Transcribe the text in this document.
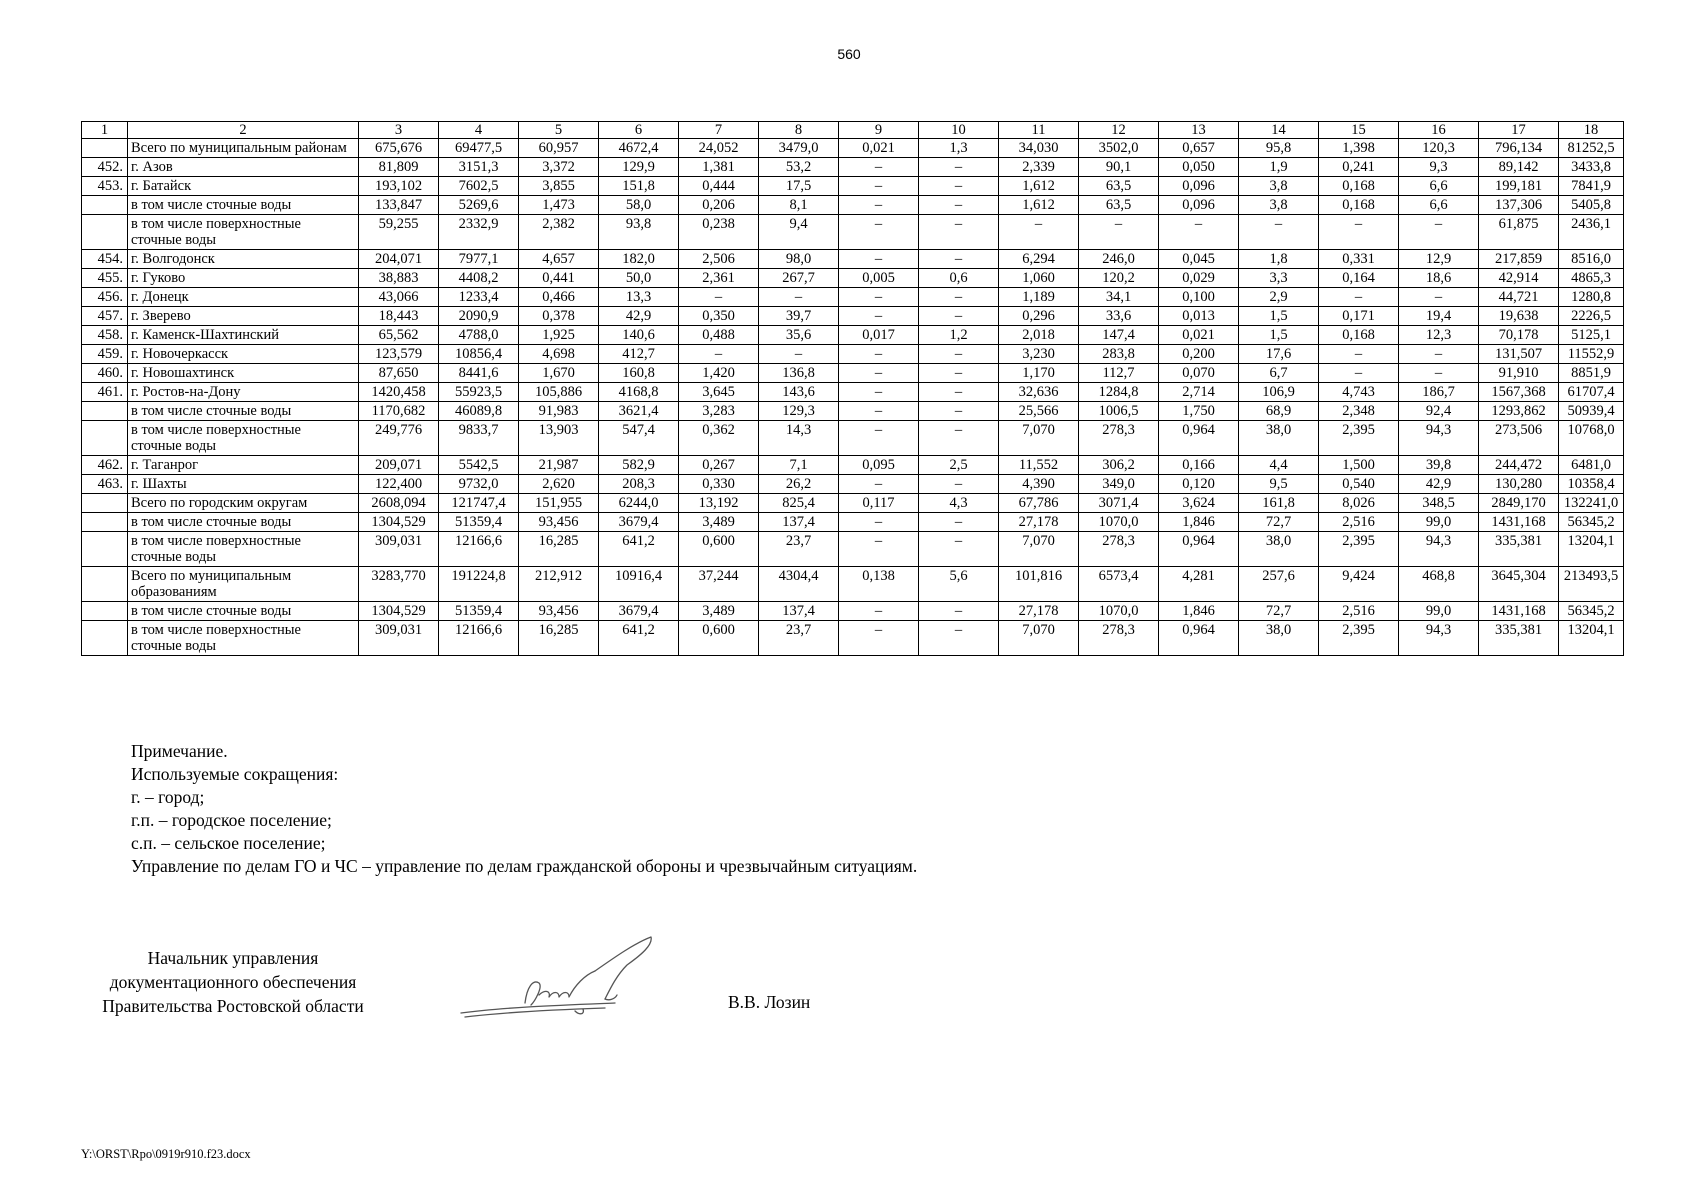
560
1	2	3	4	5	6	7	8	9	10	11	12	13	14	15	16	17	18
	Всего по муниципальным районам	675,676	69477,5	60,957	4672,4	24,052	3479,0	0,021	1,3	34,030	3502,0	0,657	95,8	1,398	120,3	796,134	81252,5
452.	г. Азов	81,809	3151,3	3,372	129,9	1,381	53,2	–	–	2,339	90,1	0,050	1,9	0,241	9,3	89,142	3433,8
453.	г. Батайск	193,102	7602,5	3,855	151,8	0,444	17,5	–	–	1,612	63,5	0,096	3,8	0,168	6,6	199,181	7841,9
	в том числе сточные воды	133,847	5269,6	1,473	58,0	0,206	8,1	–	–	1,612	63,5	0,096	3,8	0,168	6,6	137,306	5405,8
	в том числе поверхностные сточные воды	59,255	2332,9	2,382	93,8	0,238	9,4	–	–	–	–	–	–	–	–	61,875	2436,1
454.	г. Волгодонск	204,071	7977,1	4,657	182,0	2,506	98,0	–	–	6,294	246,0	0,045	1,8	0,331	12,9	217,859	8516,0
455.	г. Гуково	38,883	4408,2	0,441	50,0	2,361	267,7	0,005	0,6	1,060	120,2	0,029	3,3	0,164	18,6	42,914	4865,3
456.	г. Донецк	43,066	1233,4	0,466	13,3	–	–	–	–	1,189	34,1	0,100	2,9	–	–	44,721	1280,8
457.	г. Зверево	18,443	2090,9	0,378	42,9	0,350	39,7	–	–	0,296	33,6	0,013	1,5	0,171	19,4	19,638	2226,5
458.	г. Каменск-Шахтинский	65,562	4788,0	1,925	140,6	0,488	35,6	0,017	1,2	2,018	147,4	0,021	1,5	0,168	12,3	70,178	5125,1
459.	г. Новочеркасск	123,579	10856,4	4,698	412,7	–	–	–	–	3,230	283,8	0,200	17,6	–	–	131,507	11552,9
460.	г. Новошахтинск	87,650	8441,6	1,670	160,8	1,420	136,8	–	–	1,170	112,7	0,070	6,7	–	–	91,910	8851,9
461.	г. Ростов-на-Дону	1420,458	55923,5	105,886	4168,8	3,645	143,6	–	–	32,636	1284,8	2,714	106,9	4,743	186,7	1567,368	61707,4
	в том числе сточные воды	1170,682	46089,8	91,983	3621,4	3,283	129,3	–	–	25,566	1006,5	1,750	68,9	2,348	92,4	1293,862	50939,4
	в том числе поверхностные сточные воды	249,776	9833,7	13,903	547,4	0,362	14,3	–	–	7,070	278,3	0,964	38,0	2,395	94,3	273,506	10768,0
462.	г. Таганрог	209,071	5542,5	21,987	582,9	0,267	7,1	0,095	2,5	11,552	306,2	0,166	4,4	1,500	39,8	244,472	6481,0
463.	г. Шахты	122,400	9732,0	2,620	208,3	0,330	26,2	–	–	4,390	349,0	0,120	9,5	0,540	42,9	130,280	10358,4
	Всего по городским округам	2608,094	121747,4	151,955	6244,0	13,192	825,4	0,117	4,3	67,786	3071,4	3,624	161,8	8,026	348,5	2849,170	132241,0
	в том числе сточные воды	1304,529	51359,4	93,456	3679,4	3,489	137,4	–	–	27,178	1070,0	1,846	72,7	2,516	99,0	1431,168	56345,2
	в том числе поверхностные сточные воды	309,031	12166,6	16,285	641,2	0,600	23,7	–	–	7,070	278,3	0,964	38,0	2,395	94,3	335,381	13204,1
	Всего по муниципальным образованиям	3283,770	191224,8	212,912	10916,4	37,244	4304,4	0,138	5,6	101,816	6573,4	4,281	257,6	9,424	468,8	3645,304	213493,5
	в том числе сточные воды	1304,529	51359,4	93,456	3679,4	3,489	137,4	–	–	27,178	1070,0	1,846	72,7	2,516	99,0	1431,168	56345,2
	в том числе поверхностные сточные воды	309,031	12166,6	16,285	641,2	0,600	23,7	–	–	7,070	278,3	0,964	38,0	2,395	94,3	335,381	13204,1
Примечание.
Используемые сокращения:
г. – город;
г.п. – городское поселение;
с.п. – сельское поселение;
Управление по делам ГО и ЧС – управление по делам гражданской обороны и чрезвычайным ситуациям.
Начальник управления
документационного обеспечения
Правительства Ростовской области	В.В. Лозин
Y:\ORST\Rpo\0919r910.f23.docx
